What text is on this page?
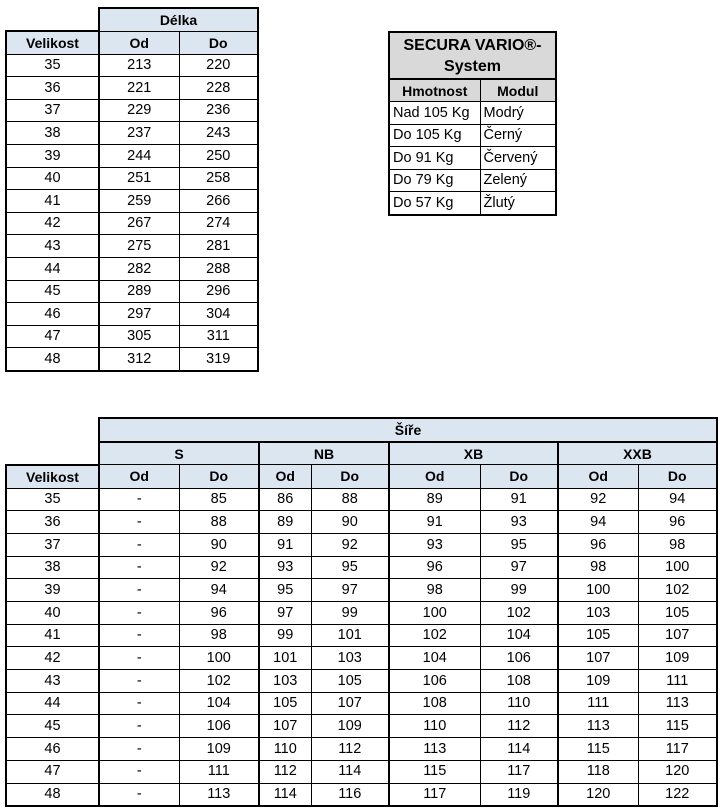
	Délka	
Velikost	Od	Do
35	213	220
36	221	228
37	229	236
38	237	243
39	244	250
40	251	258
41	259	266
42	267	274
43	275	281
44	282	288
45	289	296
46	297	304
47	305	311
48	312	319
SECURA VARIO®-System	
Hmotnost	Modul
Nad 105 Kg	Modrý
Do 105 Kg	Černý
Do 91 Kg	Červený
Do 79 Kg	Zelený
Do 57 Kg	Žlutý
	Šíře							
	S		NB		XB		XXB	
Velikost	Od	Do	Od	Do	Od	Do	Od	Do
35	-	85	86	88	89	91	92	94
36	-	88	89	90	91	93	94	96
37	-	90	91	92	93	95	96	98
38	-	92	93	95	96	97	98	100
39	-	94	95	97	98	99	100	102
40	-	96	97	99	100	102	103	105
41	-	98	99	101	102	104	105	107
42	-	100	101	103	104	106	107	109
43	-	102	103	105	106	108	109	111
44	-	104	105	107	108	110	111	113
45	-	106	107	109	110	112	113	115
46	-	109	110	112	113	114	115	117
47	-	111	112	114	115	117	118	120
48	-	113	114	116	117	119	120	122
